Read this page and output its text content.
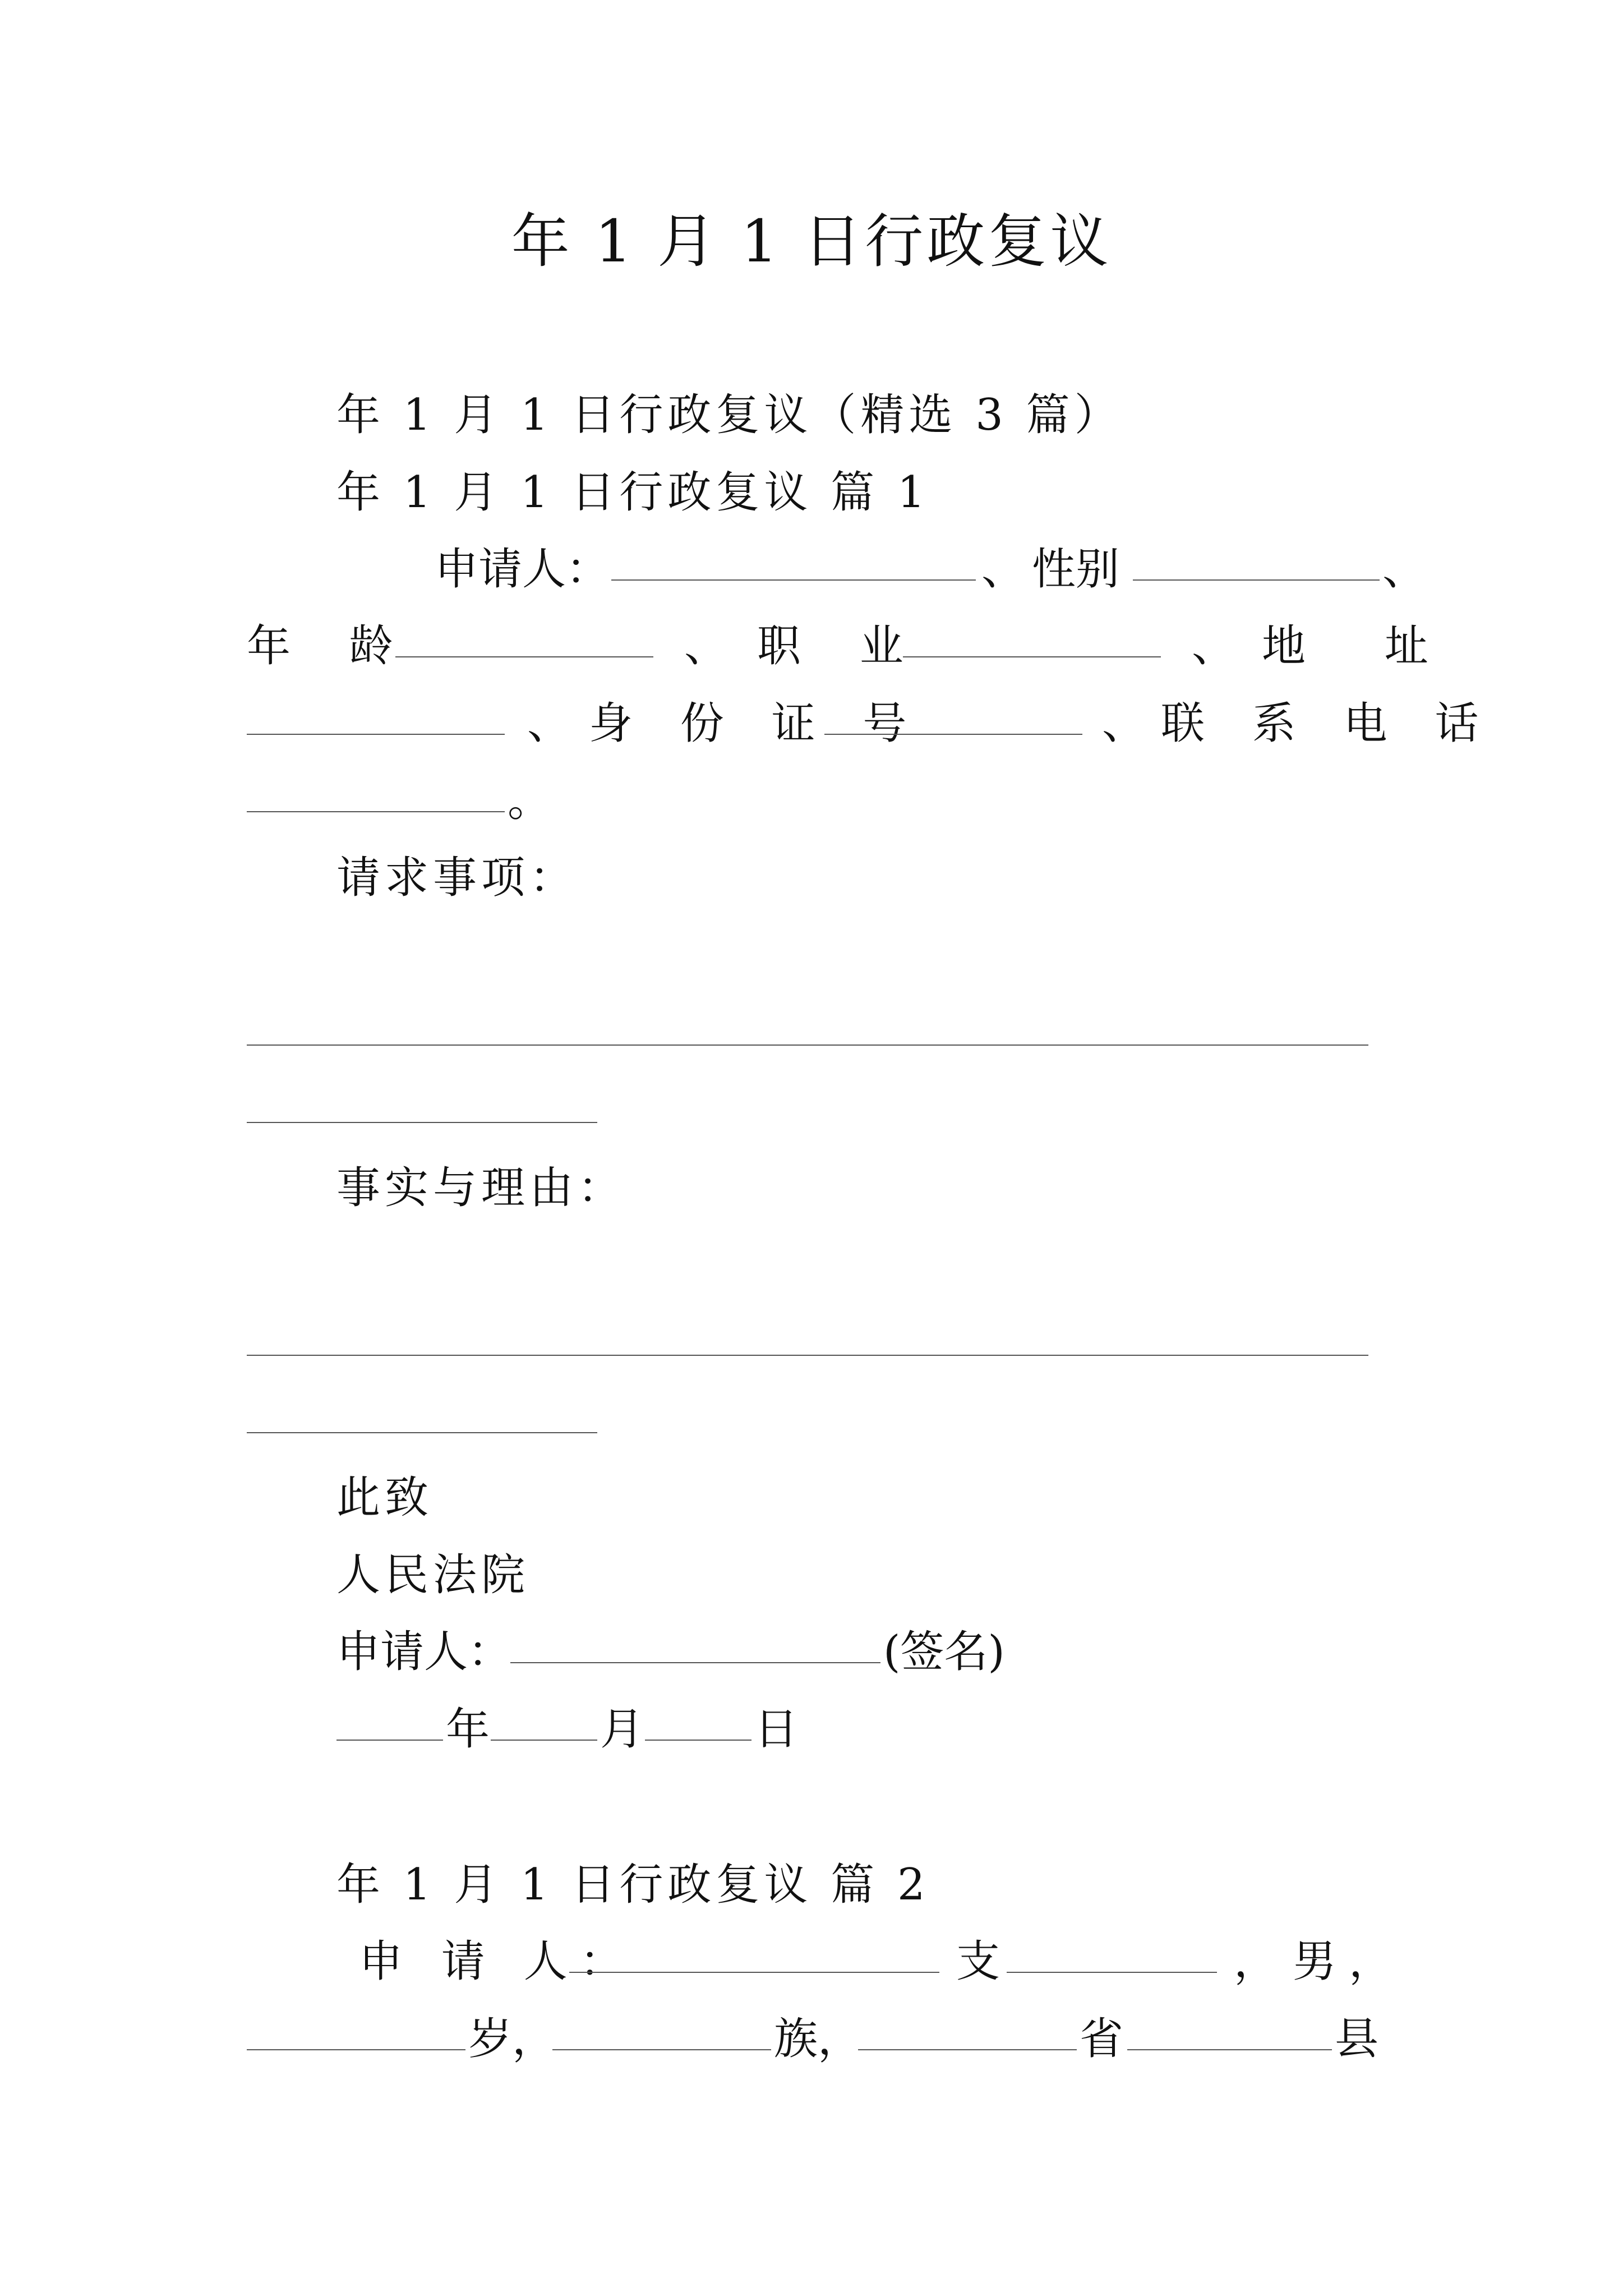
年 1 月 1 日行政复议
年 1 月 1 日行政复议（精选 3 篇）
年 1 月 1 日行政复议 篇 1
申请人：	、 性别	、
年 龄	、 职 业	、 地 址
、 身 份 证 号	、 联 系 电 话
。
请求事项：
事实与理由：
此致
人民法院
申请人：	(签名)
年	月	日
年 1 月 1 日行政复议 篇 2
申 请 人：	支	， 男 ，
岁，	族，	省	县
